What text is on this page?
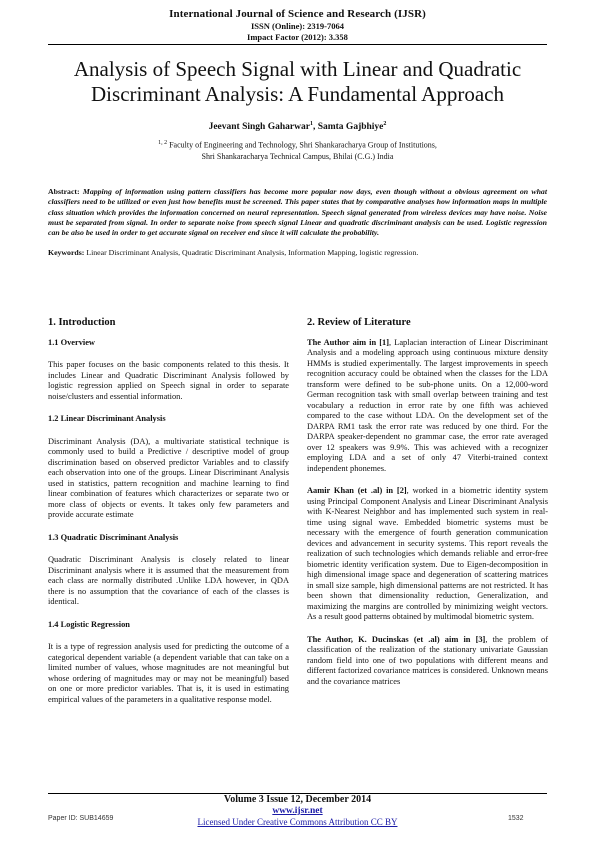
International Journal of Science and Research (IJSR)
ISSN (Online): 2319-7064
Impact Factor (2012): 3.358
Analysis of Speech Signal with Linear and Quadratic Discriminant Analysis: A Fundamental Approach
Jeevant Singh Gaharwar$^1$, Samta Gajbhiye$^2$
$^{1, 2}$ Faculty of Engineering and Technology, Shri Shankaracharya Group of Institutions,
Shri Shankaracharya Technical Campus, Bhilai (C.G.) India
Abstract: Mapping of information using pattern classifiers has become more popular now days, even though without a obvious agreement on what classifiers need to be utilized or even just how benefits must be screened. This paper states that by comparative analyses how information maps in multiple class situation which provides the information concerned on neural representation. Speech signal generated from wireless devices may have noise. Noise must be separated from signal. In order to separate noise from speech signal Linear and quadratic discriminant analysis can be used. Logistic regression can be also be used in order to get accurate signal on receiver end since it will calculate the probability.
Keywords: Linear Discriminant Analysis, Quadratic Discriminant Analysis, Information Mapping, logistic regression.
1. Introduction
1.1 Overview

This paper focuses on the basic components related to this thesis. It includes Linear and Quadratic Discriminant Analysis followed by logistic regression applied on Speech signal in order to separate noise/clusters and essential information.

1.2 Linear Discriminant Analysis

Discriminant Analysis (DA), a multivariate statistical technique is commonly used to build a Predictive / descriptive model of group discrimination based on observed predictor Variables and to classify each observation into one of the groups. Linear Discriminant Analysis used in statistics, pattern recognition and machine learning to find linear combination of features which characterizes or separate two or more class of objects or events. It takes only few parameters and provide accurate estimate

1.3 Quadratic Discriminant Analysis

Quadratic Discriminant Analysis is closely related to linear Discriminant analysis where it is assumed that the measurement from each class are normally distributed .Unlike LDA however, in QDA there is no assumption that the covariance of each of the classes is identical.

1.4 Logistic Regression

It is a type of regression analysis used for predicting the outcome of a categorical dependent variable (a dependent variable that can take on a limited number of values, whose magnitudes are not meaningful but whose ordering of magnitudes may or may not be meaningful) based on one or more predictor variables. That is, it is used in estimating empirical values of the parameters in a qualitative response model.

2. Review of Literature

The Author aim in [1], Laplacian interaction of Linear Discriminant Analysis and a modeling approach using continuous mixture density HMMs is studied experimentally. The largest improvements in speech recognition accuracy could be obtained when the classes for the LDA transform were defined to be sub-phone units. On a 12,000-word German recognition task with small overlap between training and test vocabulary a reduction in error rate by one fifth was achieved compared to the case without LDA. On the development set of the DARPA RM1 task the error rate was reduced by one third. For the DARPA speaker-dependent no grammar case, the error rate averaged over 12 speakers was 9.9%. This was achieved with a recognizer employing LDA and a set of only 47 Viterbi-trained context independent phonemes.

Aamir Khan (et .al) in [2], worked in a biometric identity system using Principal Component Analysis and Linear Discriminant Analysis with K-Nearest Neighbor and has implemented such system in real-time using signal wave. Embedded biometric systems must be necessary with the emergence of fourth generation communication devices and advancement in security systems. This report reveals the realization of such technologies which demands reliable and error-free biometric identity verification system. Due to Eigen-decomposition in high dimensional image space and degeneration of scattering matrices in small size sample, high dimensional patterns are not restricted. It has been shown that dimensionality reduction, Generalization, and maximizing the margins are controlled by minimizing weight vectors. As a result good patterns obtained by multimodal biometric system.

The Author, K. Ducinskas (et .al) aim in [3], the problem of classification of the realization of the stationary univariate Gaussian random field into one of two populations with different means and different factorized covariance matrices is considered. Unknown means and the covariance matrices

Volume 3 Issue 12, December 2014
www.ijsr.net
Licensed Under Creative Commons Attribution CC BY
Paper ID: SUB14659	1532
